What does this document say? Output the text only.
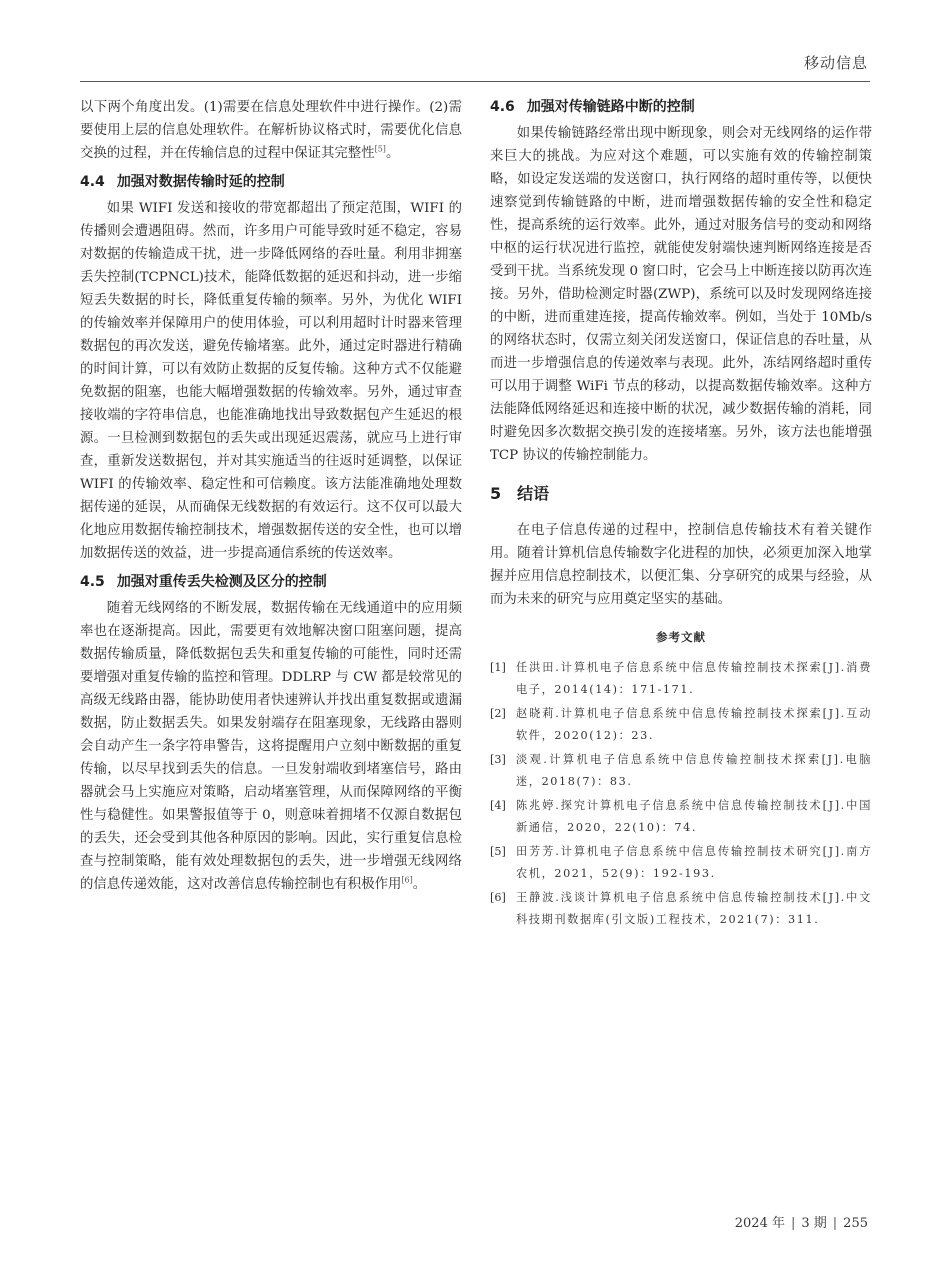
移动信息

以下两个角度出发。(1)需要在信息处理软件中进行操作。(2)需要使用上层的信息处理软件。在解析协议格式时，需要优化信息交换的过程，并在传输信息的过程中保证其完整性[5]。

4.4 加强对数据传输时延的控制

如果 WIFI 发送和接收的带宽都超出了预定范围，WIFI 的传播则会遭遇阻碍。然而，许多用户可能导致时延不稳定，容易对数据的传输造成干扰，进一步降低网络的吞吐量。利用非拥塞丢失控制(TCPNCL)技术，能降低数据的延迟和抖动，进一步缩短丢失数据的时长，降低重复传输的频率。另外，为优化 WIFI 的传输效率并保障用户的使用体验，可以利用超时计时器来管理数据包的再次发送，避免传输堵塞。此外，通过定时器进行精确的时间计算，可以有效防止数据的反复传输。这种方式不仅能避免数据的阻塞，也能大幅增强数据的传输效率。另外，通过审查接收端的字符串信息，也能准确地找出导致数据包产生延迟的根源。一旦检测到数据包的丢失或出现延迟震荡，就应马上进行审查，重新发送数据包，并对其实施适当的往返时延调整，以保证 WIFI 的传输效率、稳定性和可信赖度。该方法能准确地处理数据传递的延误，从而确保无线数据的有效运行。这不仅可以最大化地应用数据传输控制技术，增强数据传送的安全性，也可以增加数据传送的效益，进一步提高通信系统的传送效率。

4.5 加强对重传丢失检测及区分的控制

随着无线网络的不断发展，数据传输在无线通道中的应用频率也在逐渐提高。因此，需要更有效地解决窗口阻塞问题，提高数据传输质量，降低数据包丢失和重复传输的可能性，同时还需要增强对重复传输的监控和管理。DDLRP 与 CW 都是较常见的高级无线路由器，能协助使用者快速辨认并找出重复数据或遗漏数据，防止数据丢失。如果发射端存在阻塞现象，无线路由器则会自动产生一条字符串警告，这将提醒用户立刻中断数据的重复传输，以尽早找到丢失的信息。一旦发射端收到堵塞信号，路由器就会马上实施应对策略，启动堵塞管理，从而保障网络的平衡性与稳健性。如果警报值等于 0，则意味着拥堵不仅源自数据包的丢失，还会受到其他各种原因的影响。因此，实行重复信息检查与控制策略，能有效处理数据包的丢失，进一步增强无线网络的信息传递效能，这对改善信息传输控制也有积极作用[6]。

4.6 加强对传输链路中断的控制

如果传输链路经常出现中断现象，则会对无线网络的运作带来巨大的挑战。为应对这个难题，可以实施有效的传输控制策略，如设定发送端的发送窗口，执行网络的超时重传等，以便快速察觉到传输链路的中断，进而增强数据传输的安全性和稳定性，提高系统的运行效率。此外，通过对服务信号的变动和网络中枢的运行状况进行监控，就能使发射端快速判断网络连接是否受到干扰。当系统发现 0 窗口时，它会马上中断连接以防再次连接。另外，借助检测定时器(ZWP)，系统可以及时发现网络连接的中断，进而重建连接，提高传输效率。例如，当处于 10Mb/s 的网络状态时，仅需立刻关闭发送窗口，保证信息的吞吐量，从而进一步增强信息的传递效率与表现。此外，冻结网络超时重传可以用于调整 WiFi 节点的移动，以提高数据传输效率。这种方法能降低网络延迟和连接中断的状况，减少数据传输的消耗，同时避免因多次数据交换引发的连接堵塞。另外，该方法也能增强 TCP 协议的传输控制能力。

5 结语

在电子信息传递的过程中，控制信息传输技术有着关键作用。随着计算机信息传输数字化进程的加快，必须更加深入地掌握并应用信息控制技术，以便汇集、分享研究的成果与经验，从而为未来的研究与应用奠定坚实的基础。

参考文献
[1] 任洪田.计算机电子信息系统中信息传输控制技术探索[J].消费电子，2014(14)：171-171.
[2] 赵晓莉.计算机电子信息系统中信息传输控制技术探索[J].互动软件，2020(12)：23.
[3] 淡观.计算机电子信息系统中信息传输控制技术探索[J].电脑迷，2018(7)：83.
[4] 陈兆婷.探究计算机电子信息系统中信息传输控制技术[J].中国新通信，2020，22(10)：74.
[5] 田芳芳.计算机电子信息系统中信息传输控制技术研究[J].南方农机，2021，52(9)：192-193.
[6] 王静波.浅谈计算机电子信息系统中信息传输控制技术[J].中文科技期刊数据库(引文版)工程技术，2021(7)：311.
2024 年 | 3 期 | 255
